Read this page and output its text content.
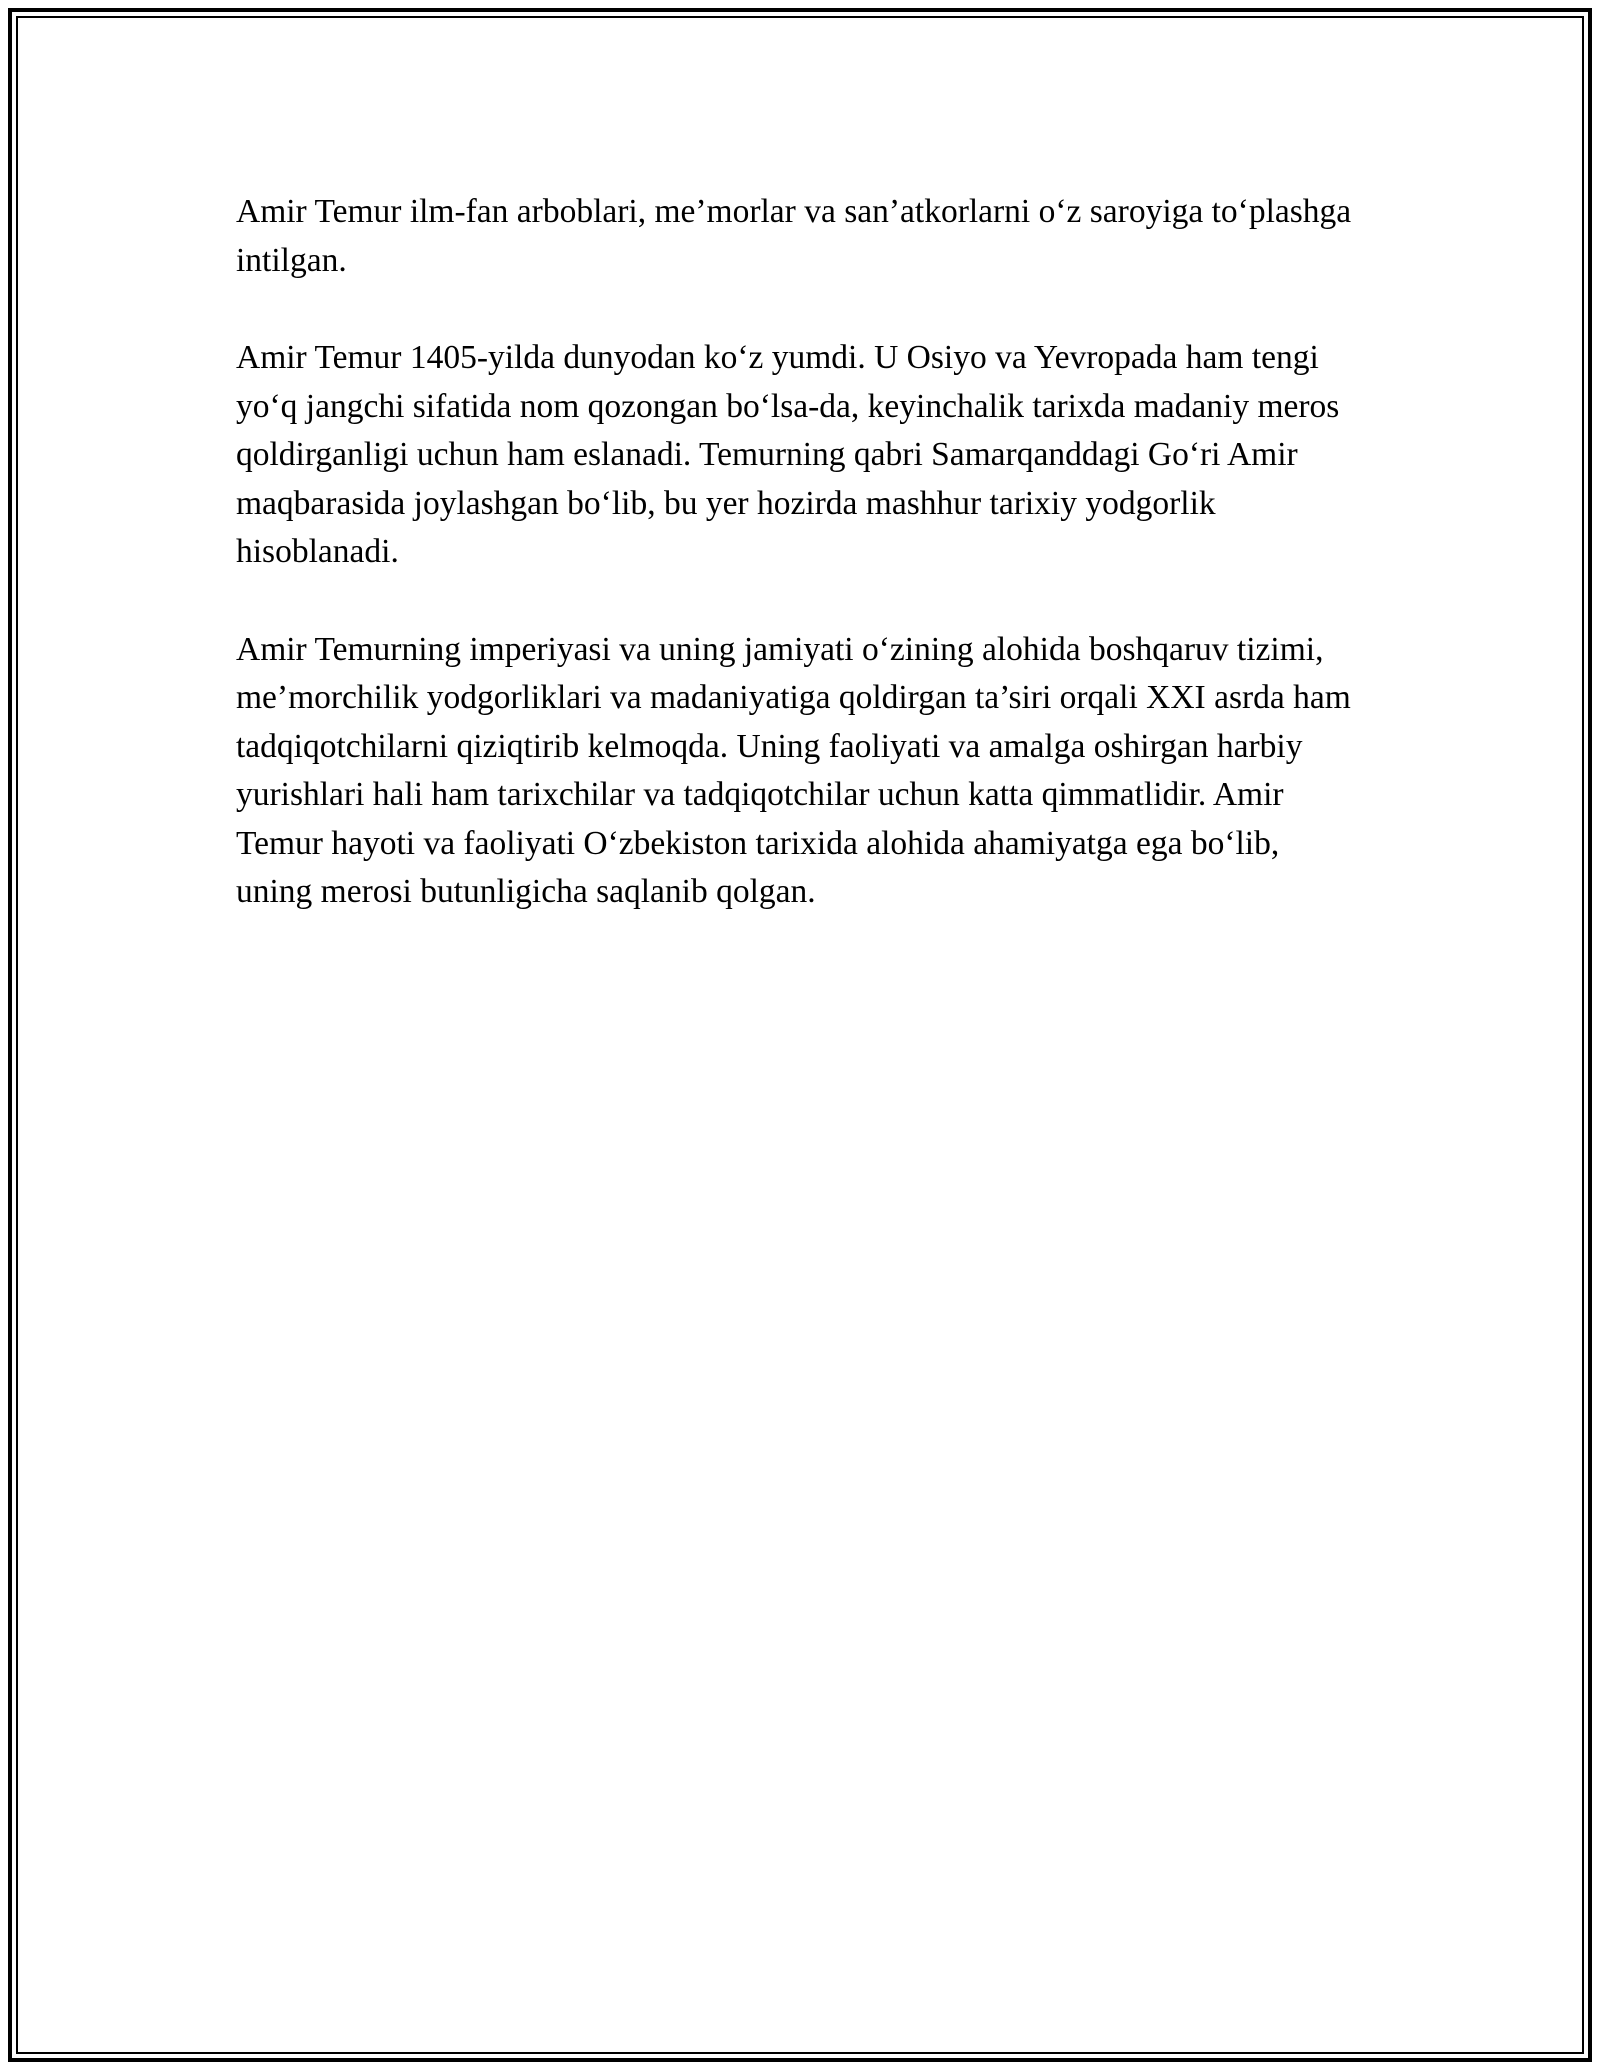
Amir Temur ilm-fan arboblari, me’morlar va san’atkorlarni o‘z saroyiga to‘plashga intilgan.

Amir Temur 1405-yilda dunyodan ko‘z yumdi. U Osiyo va Yevropada ham tengi yo‘q jangchi sifatida nom qozongan bo‘lsa-da, keyinchalik tarixda madaniy meros qoldirganligi uchun ham eslanadi. Temurning qabri Samarqanddagi Go‘ri Amir maqbarasida joylashgan bo‘lib, bu yer hozirda mashhur tarixiy yodgorlik hisoblanadi.

Amir Temurning imperiyasi va uning jamiyati o‘zining alohida boshqaruv tizimi, me’morchilik yodgorliklari va madaniyatiga qoldirgan ta’siri orqali XXI asrda ham tadqiqotchilarni qiziqtirib kelmoqda. Uning faoliyati va amalga oshirgan harbiy yurishlari hali ham tarixchilar va tadqiqotchilar uchun katta qimmatlidir. Amir Temur hayoti va faoliyati O‘zbekiston tarixida alohida ahamiyatga ega bo‘lib, uning merosi butunligicha saqlanib qolgan.
